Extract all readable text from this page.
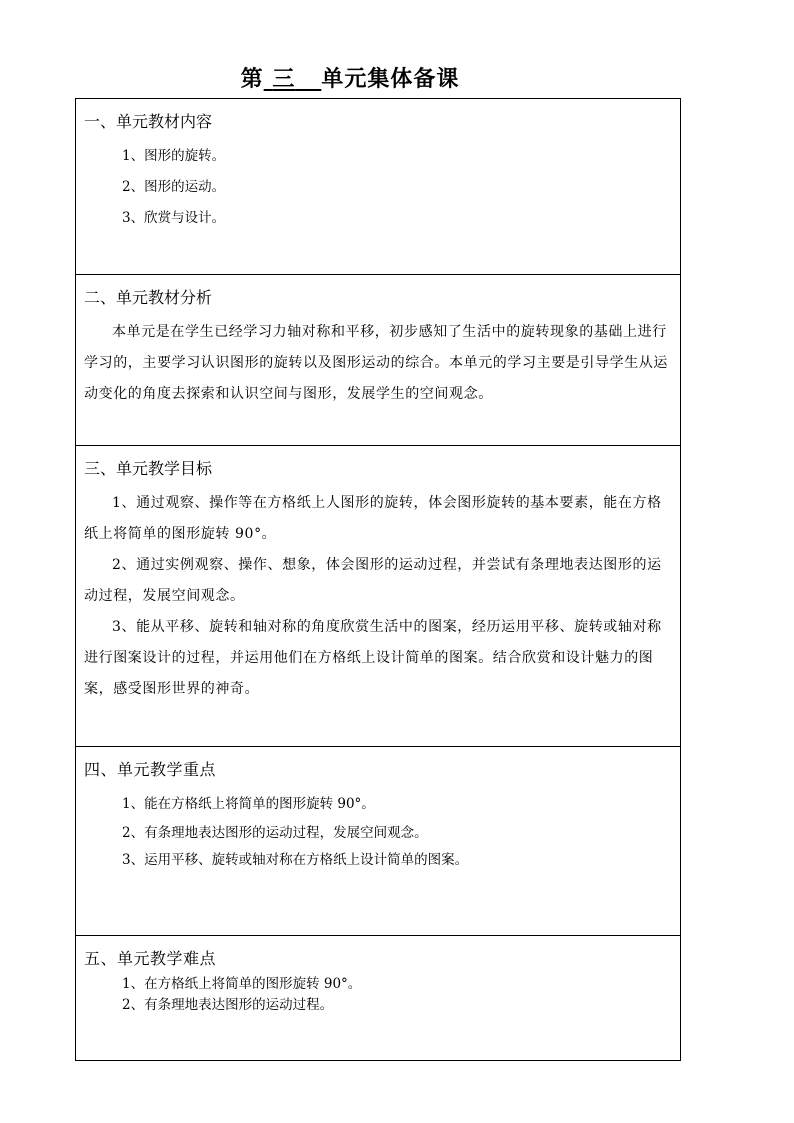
第 三 单元集体备课
一、单元教材内容
1、图形的旋转。
2、图形的运动。
3、欣赏与设计。
二、单元教材分析
本单元是在学生已经学习力轴对称和平移，初步感知了生活中的旋转现象的基础上进行学习的，主要学习认识图形的旋转以及图形运动的综合。本单元的学习主要是引导学生从运动变化的角度去探索和认识空间与图形，发展学生的空间观念。
三、单元教学目标
1、通过观察、操作等在方格纸上人图形的旋转，体会图形旋转的基本要素，能在方格纸上将简单的图形旋转 90°。
2、通过实例观察、操作、想象，体会图形的运动过程，并尝试有条理地表达图形的运动过程，发展空间观念。
3、能从平移、旋转和轴对称的角度欣赏生活中的图案，经历运用平移、旋转或轴对称进行图案设计的过程，并运用他们在方格纸上设计简单的图案。结合欣赏和设计魅力的图案，感受图形世界的神奇。
四、单元教学重点
1、能在方格纸上将简单的图形旋转 90°。
2、有条理地表达图形的运动过程，发展空间观念。
3、运用平移、旋转或轴对称在方格纸上设计简单的图案。
五、单元教学难点
1、在方格纸上将简单的图形旋转 90°。
2、有条理地表达图形的运动过程。
